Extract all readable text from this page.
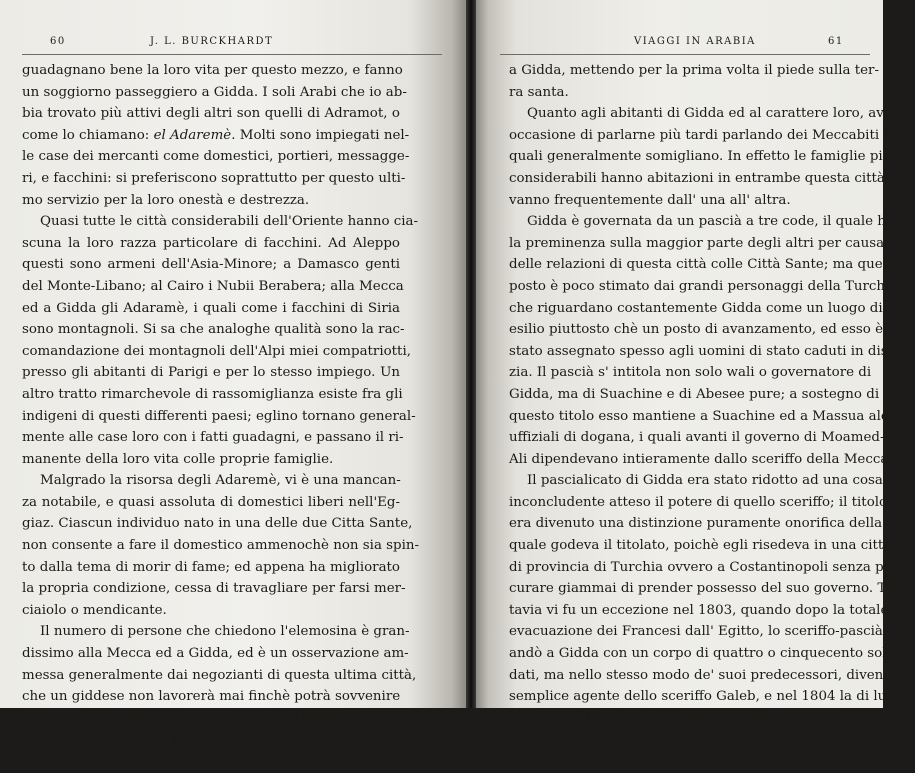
60	J. L. BURCKHARDT
guadagnano bene la loro vita per questo mezzo, e fanno
un soggiorno passeggiero a Gidda. I soli Arabi che io ab-
bia trovato più attivi degli altri son quelli di Adramot, o
come lo chiamano: el Adaremè. Molti sono impiegati nel-
le case dei mercanti come domestici, portieri, messagge-
ri, e facchini: si preferiscono soprattutto per questo ulti-
mo servizio per la loro onestà e destrezza.
Quasi tutte le città considerabili dell'Oriente hanno cia-
scuna la loro razza particolare di facchini. Ad Aleppo
questi sono armeni dell'Asia-Minore; a Damasco genti
del Monte-Libano; al Cairo i Nubii Berabera; alla Mecca
ed a Gidda gli Adaramè, i quali come i facchini di Siria
sono montagnoli. Si sa che analoghe qualità sono la rac-
comandazione dei montagnoli dell'Alpi miei compatriotti,
presso gli abitanti di Parigi e per lo stesso impiego. Un
altro tratto rimarchevole di rassomiglianza esiste fra gli
indigeni di questi differenti paesi; eglino tornano general-
mente alle case loro con i fatti guadagni, e passano il ri-
manente della loro vita colle proprie famiglie.
Malgrado la risorsa degli Adaremè, vi è una mancan-
za notabile, e quasi assoluta di domestici liberi nell'Eg-
giaz. Ciascun individuo nato in una delle due Citta Sante,
non consente a fare il domestico ammenochè non sia spin-
to dalla tema di morir di fame; ed appena ha migliorato
la propria condizione, cessa di travagliare per farsi mer-
ciaiolo o mendicante.
Il numero di persone che chiedono l'elemosina è gran-
dissimo alla Mecca ed a Gidda, ed è un osservazione am-
messa generalmente dai negozianti di questa ultima città,
che un giddese non lavorerà mai finchè potrà sovvenire
ai suoi bisogni mendicando. Il mendicantismo riceve gran-
di incoraggimenti dai pellegrini i quali hanno molto pia-
cere di esercitare la carità nel momento nel quale sbarcano
VIAGGI IN ARABIA	61
a Gidda, mettendo per la prima volta il piede sulla ter-
ra santa.
Quanto agli abitanti di Gidda ed al carattere loro, avrò
occasione di parlarne più tardi parlando dei Meccabiti ai
quali generalmente somigliano. In effetto le famiglie più
considerabili hanno abitazioni in entrambe questa città e
vanno frequentemente dall' una all' altra.
Gidda è governata da un pascià a tre code, il quale ha
la preminenza sulla maggior parte degli altri per causa
delle relazioni di questa città colle Città Sante; ma questo
posto è poco stimato dai grandi personaggi della Turchia,
che riguardano costantemente Gidda come un luogo di
esilio piuttosto chè un posto di avanzamento, ed esso è
stato assegnato spesso agli uomini di stato caduti in disgra-
zia. Il pascià s' intitola non solo wali o governatore di
Gidda, ma di Suachine e di Abesee pure; a sostegno di
questo titolo esso mantiene a Suachine ed a Massua alcuni
uffiziali di dogana, i quali avanti il governo di Moamed-
Ali dipendevano intieramente dallo sceriffo della Mecca.
Il pascialicato di Gidda era stato ridotto ad una cosa
inconcludente atteso il potere di quello sceriffo; il titolo
era divenuto una distinzione puramente onorifica della
quale godeva il titolato, poichè egli risedeva in una città
di provincia di Turchia ovvero a Costantinopoli senza pro-
curare giammai di prender possesso del suo governo. Tut-
tavia vi fu un eccezione nel 1803, quando dopo la totale
evacuazione dei Francesi dall' Egitto, lo sceriffo-pascià
andò a Gidda con un corpo di quattro o cinquecento sol-
dati, ma nello stesso modo de' suoi predecessori, divenne
semplice agente dello sceriffo Galeb, e nel 1804 la di lui
carriera fu terminata da morte subitanea; destino di molti
antichi pascià di Gidda e della Mecca.
